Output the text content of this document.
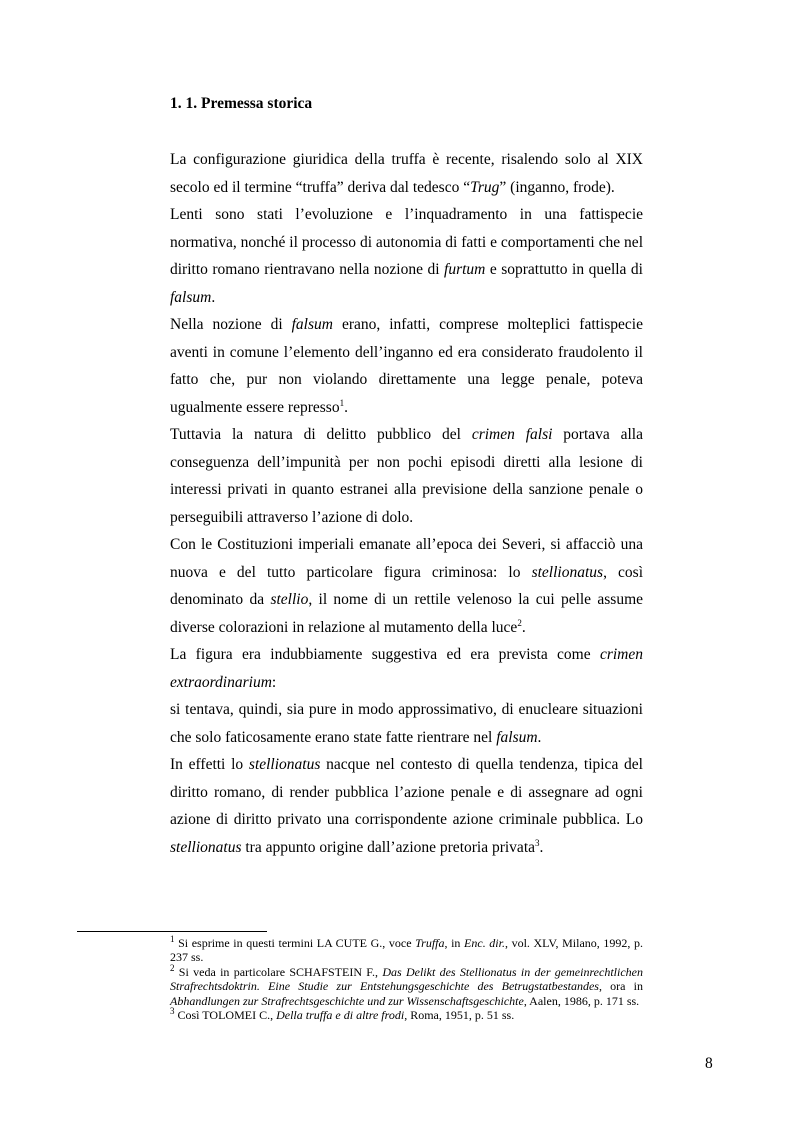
1. 1. Premessa storica

La configurazione giuridica della truffa è recente, risalendo solo al XIX secolo ed il termine “truffa” deriva dal tedesco “Trug” (inganno, frode).

Lenti sono stati l’evoluzione e l’inquadramento in una fattispecie normativa, nonché il processo di autonomia di fatti e comportamenti che nel diritto romano rientravano nella nozione di furtum e soprattutto in quella di falsum.

Nella nozione di falsum erano, infatti, comprese molteplici fattispecie aventi in comune l’elemento dell’inganno ed era considerato fraudolento il fatto che, pur non violando direttamente una legge penale, poteva ugualmente essere represso$^1$.

Tuttavia la natura di delitto pubblico del crimen falsi portava alla conseguenza dell’impunità per non pochi episodi diretti alla lesione di interessi privati in quanto estranei alla previsione della sanzione penale o perseguibili attraverso l’azione di dolo.

Con le Costituzioni imperiali emanate all’epoca dei Severi, si affacciò una nuova e del tutto particolare figura criminosa: lo stellionatus, così denominato da stellio, il nome di un rettile velenoso la cui pelle assume diverse colorazioni in relazione al mutamento della luce$^2$.

La figura era indubbiamente suggestiva ed era prevista come crimen extraordinarium:

si tentava, quindi, sia pure in modo approssimativo, di enucleare situazioni che solo faticosamente erano state fatte rientrare nel falsum.

In effetti lo stellionatus nacque nel contesto di quella tendenza, tipica del diritto romano, di render pubblica l’azione penale e di assegnare ad ogni azione di diritto privato una corrispondente azione criminale pubblica. Lo stellionatus tra appunto origine dall’azione pretoria privata$^3$.

$^1$ Si esprime in questi termini LA CUTE G., voce Truffa, in Enc. dir., vol. XLV, Milano, 1992, p. 237 ss.

$^2$ Si veda in particolare SCHAFSTEIN F., Das Delikt des Stellionatus in der gemeinrechtlichen Strafrechtsdoktrin. Eine Studie zur Entstehungsgeschichte des Betrugstatbestandes, ora in Abhandlungen zur Strafrechtsgeschichte und zur Wissenschaftsgeschichte, Aalen, 1986, p. 171 ss.

$^3$ Così TOLOMEI C., Della truffa e di altre frodi, Roma, 1951, p. 51 ss.

8
